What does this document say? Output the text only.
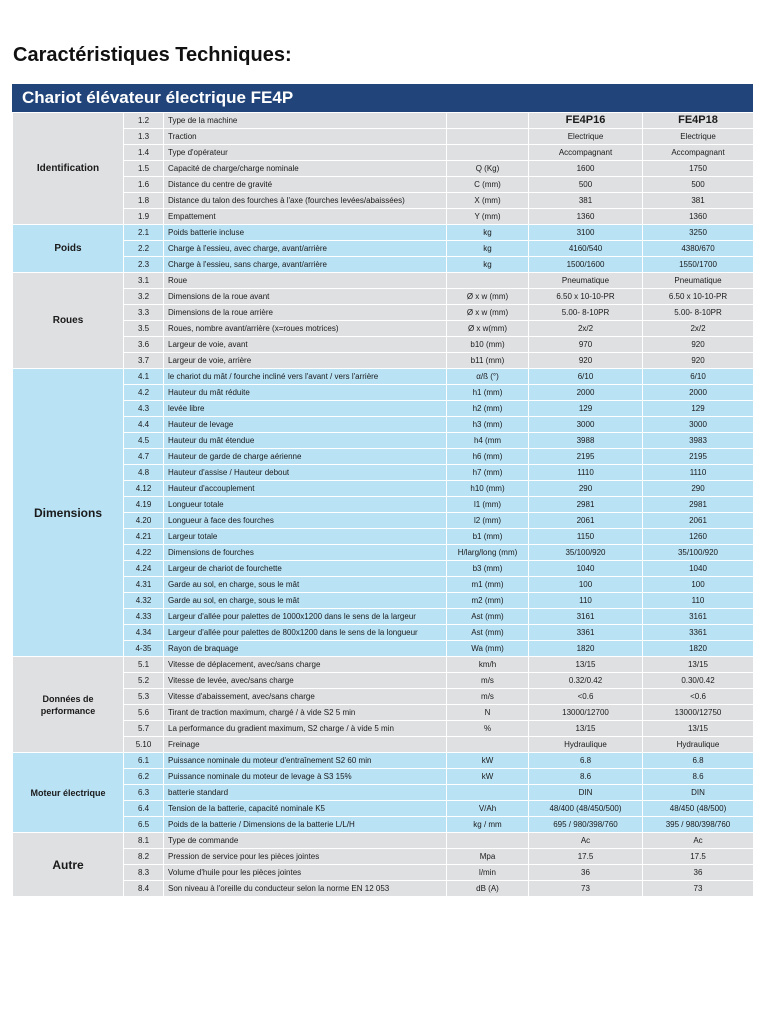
Caractéristiques Techniques:
Chariot élévateur électrique FE4P
Identification	1.2	Type de la machine		FE4P16	FE4P18
	1.3	Traction		Electrique	Electrique
	1.4	Type d'opérateur		Accompagnant	Accompagnant
	1.5	Capacité de charge/charge nominale	Q (Kg)	1600	1750
	1.6	Distance du centre de gravité	C (mm)	500	500
	1.8	Distance du talon des fourches à l'axe (fourches levées/abaissées)	X (mm)	381	381
	1.9	Empattement	Y (mm)	1360	1360
Poids	2.1	Poids batterie incluse	kg	3100	3250
	2.2	Charge à l'essieu, avec charge, avant/arrière	kg	4160/540	4380/670
	2.3	Charge à l'essieu, sans charge, avant/arrière	kg	1500/1600	1550/1700
Roues	3.1	Roue		Pneumatique	Pneumatique
	3.2	Dimensions de la roue avant	Ø x w (mm)	6.50 x 10-10-PR	6.50 x 10-10-PR
	3.3	Dimensions de la roue arrière	Ø x w (mm)	5.00- 8-10PR	5.00- 8-10PR
	3.5	Roues, nombre avant/arrière (x=roues motrices)	Ø x w(mm)	2x/2	2x/2
	3.6	Largeur de voie, avant	b10 (mm)	970	920
	3.7	Largeur de voie, arrière	b11 (mm)	920	920
Dimensions	4.1	le chariot du mât / fourche incliné vers l'avant / vers l'arrière	α/ß (°)	6/10	6/10
	4.2	Hauteur du mât réduite	h1 (mm)	2000	2000
	4.3	levée libre	h2 (mm)	129	129
	4.4	Hauteur de levage	h3 (mm)	3000	3000
	4.5	Hauteur du mât étendue	h4 (mm	3988	3983
	4.7	Hauteur de garde de charge aérienne	h6 (mm)	2195	2195
	4.8	Hauteur d'assise / Hauteur debout	h7 (mm)	1110	1110
	4.12	Hauteur d'accouplement	h10 (mm)	290	290
	4.19	Longueur totale	l1 (mm)	2981	2981
	4.20	Longueur à face des fourches	l2 (mm)	2061	2061
	4.21	Largeur totale	b1 (mm)	1150	1260
	4.22	Dimensions de fourches	H/larg/long (mm)	35/100/920	35/100/920
	4.24	Largeur de chariot de fourchette	b3 (mm)	1040	1040
	4.31	Garde au sol, en charge, sous le mât	m1 (mm)	100	100
	4.32	Garde au sol, en charge, sous le mât	m2 (mm)	110	110
	4.33	Largeur d'allée pour palettes de 1000x1200 dans le sens de la largeur	Ast (mm)	3161	3161
	4.34	Largeur d'allée pour palettes de 800x1200 dans le sens de la longueur	Ast (mm)	3361	3361
	4-35	Rayon de braquage	Wa (mm)	1820	1820
Données de performance	5.1	Vitesse de déplacement, avec/sans charge	km/h	13/15	13/15
	5.2	Vitesse de levée, avec/sans charge	m/s	0.32/0.42	0.30/0.42
	5.3	Vitesse d'abaissement, avec/sans charge	m/s	<0.6	<0.6
	5.6	Tirant de traction maximum, chargé / à vide S2 5 min	N	13000/12700	13000/12750
	5.7	La performance du gradient maximum, S2 charge / à vide 5 min	%	13/15	13/15
	5.10	Freinage		Hydraulique	Hydraulique
Moteur électrique	6.1	Puissance nominale du moteur d'entraînement S2 60 min	kW	6.8	6.8
	6.2	Puissance nominale du moteur de levage à S3 15%	kW	8.6	8.6
	6.3	batterie standard		DIN	DIN
	6.4	Tension de la batterie, capacité nominale K5	V/Ah	48/400 (48/450/500)	48/450 (48/500)
	6.5	Poids de la batterie / Dimensions de la batterie L/L/H	kg / mm	695 / 980/398/760	395 / 980/398/760
Autre	8.1	Type de commande		Ac	Ac
	8.2	Pression de service pour les pièces jointes	Mpa	17.5	17.5
	8.3	Volume d'huile pour les pièces jointes	l/min	36	36
	8.4	Son niveau à l'oreille du conducteur selon la norme EN 12 053	dB (A)	73	73
